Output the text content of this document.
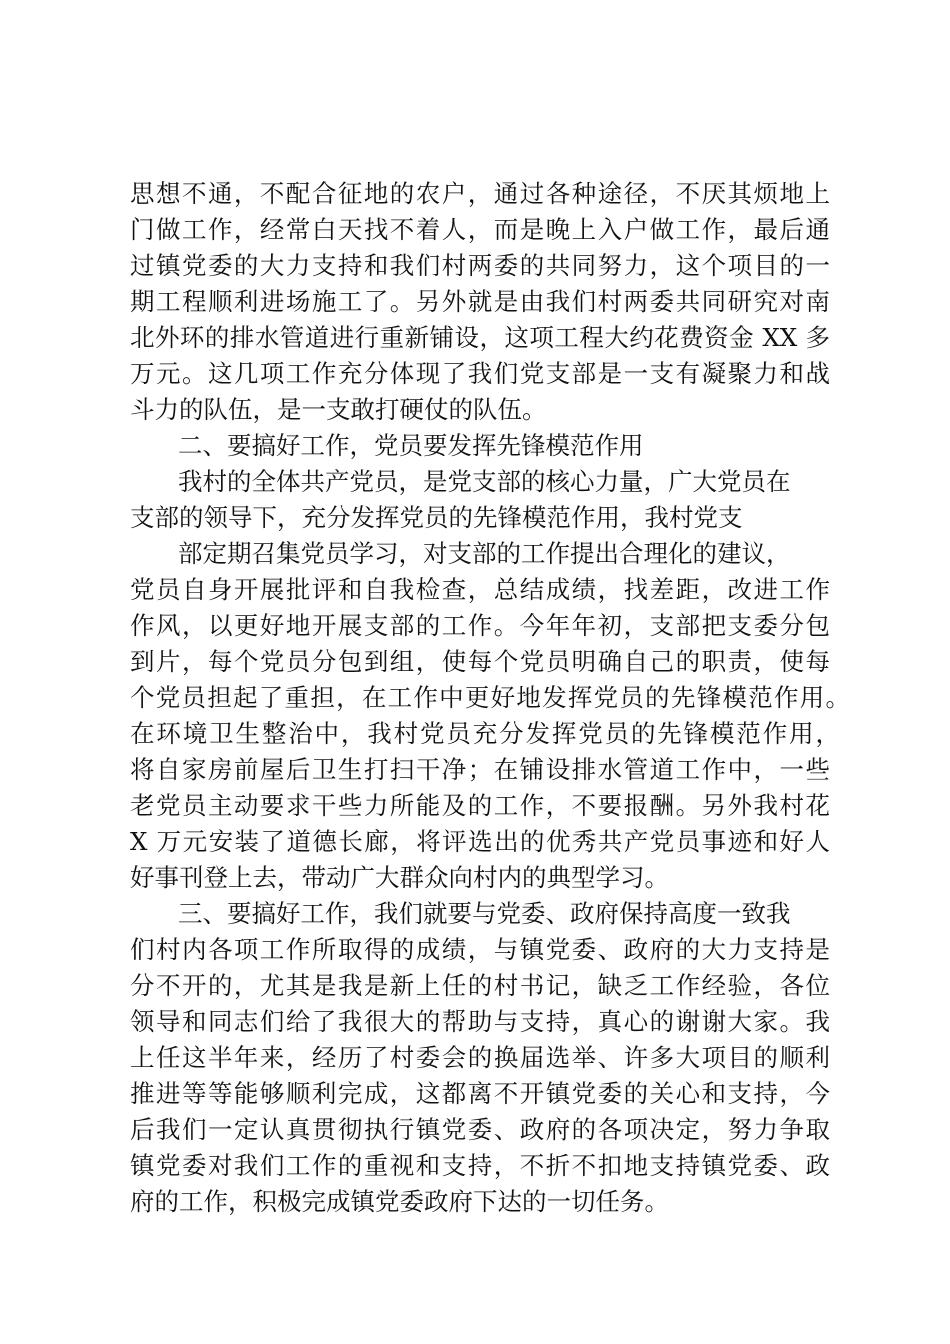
思想不通，不配合征地的农户，通过各种途径，不厌其烦地上
门做工作，经常白天找不着人，而是晚上入户做工作，最后通
过镇党委的大力支持和我们村两委的共同努力，这个项目的一
期工程顺利进场施工了。另外就是由我们村两委共同研究对南
北外环的排水管道进行重新铺设，这项工程大约花费资金 XX 多
万元。这几项工作充分体现了我们党支部是一支有凝聚力和战
斗力的队伍，是一支敢打硬仗的队伍。
二、要搞好工作，党员要发挥先锋模范作用
我村的全体共产党员，是党支部的核心力量，广大党员在
支部的领导下，充分发挥党员的先锋模范作用，我村党支
部定期召集党员学习，对支部的工作提出合理化的建议，
党员自身开展批评和自我检查，总结成绩，找差距，改进工作
作风，以更好地开展支部的工作。今年年初，支部把支委分包
到片，每个党员分包到组，使每个党员明确自己的职责，使每
个党员担起了重担，在工作中更好地发挥党员的先锋模范作用。
在环境卫生整治中，我村党员充分发挥党员的先锋模范作用，
将自家房前屋后卫生打扫干净；在铺设排水管道工作中，一些
老党员主动要求干些力所能及的工作，不要报酬。另外我村花
X 万元安装了道德长廊，将评选出的优秀共产党员事迹和好人
好事刊登上去，带动广大群众向村内的典型学习。
三、要搞好工作，我们就要与党委、政府保持高度一致我
们村内各项工作所取得的成绩，与镇党委、政府的大力支持是
分不开的，尤其是我是新上任的村书记，缺乏工作经验，各位
领导和同志们给了我很大的帮助与支持，真心的谢谢大家。我
上任这半年来，经历了村委会的换届选举、许多大项目的顺利
推进等等能够顺利完成，这都离不开镇党委的关心和支持，今
后我们一定认真贯彻执行镇党委、政府的各项决定，努力争取
镇党委对我们工作的重视和支持，不折不扣地支持镇党委、政
府的工作，积极完成镇党委政府下达的一切任务。
